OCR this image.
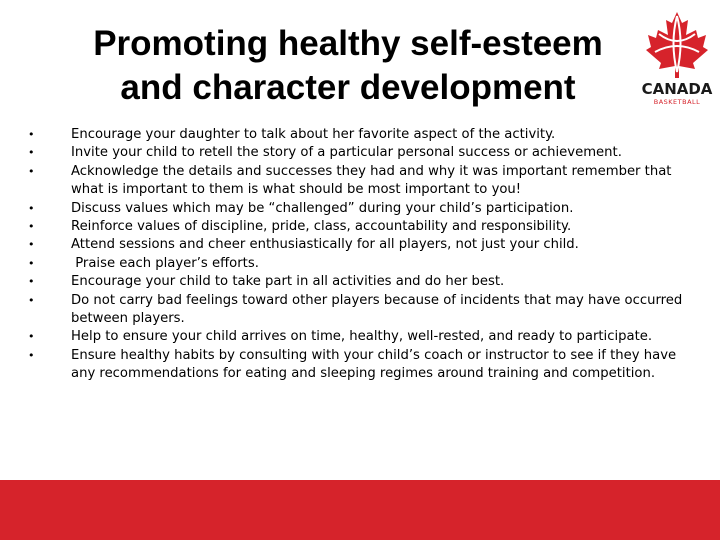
Promoting healthy self-esteem
and character development	CANADA
BASKETBALL
• Encourage your daughter to talk about her favorite aspect of the activity.
• Invite your child to retell the story of a particular personal success or achievement.
• Acknowledge the details and successes they had and why it was important remember that what is important to them is what should be most important to you!
• Discuss values which may be “challenged” during your child’s participation.
• Reinforce values of discipline, pride, class, accountability and responsibility.
• Attend sessions and cheer enthusiastically for all players, not just your child.
•  Praise each player’s efforts.
• Encourage your child to take part in all activities and do her best.
• Do not carry bad feelings toward other players because of incidents that may have occurred between players.
• Help to ensure your child arrives on time, healthy, well-rested, and ready to participate.
• Ensure healthy habits by consulting with your child’s coach or instructor to see if they have any recommendations for eating and sleeping regimes around training and competition.
